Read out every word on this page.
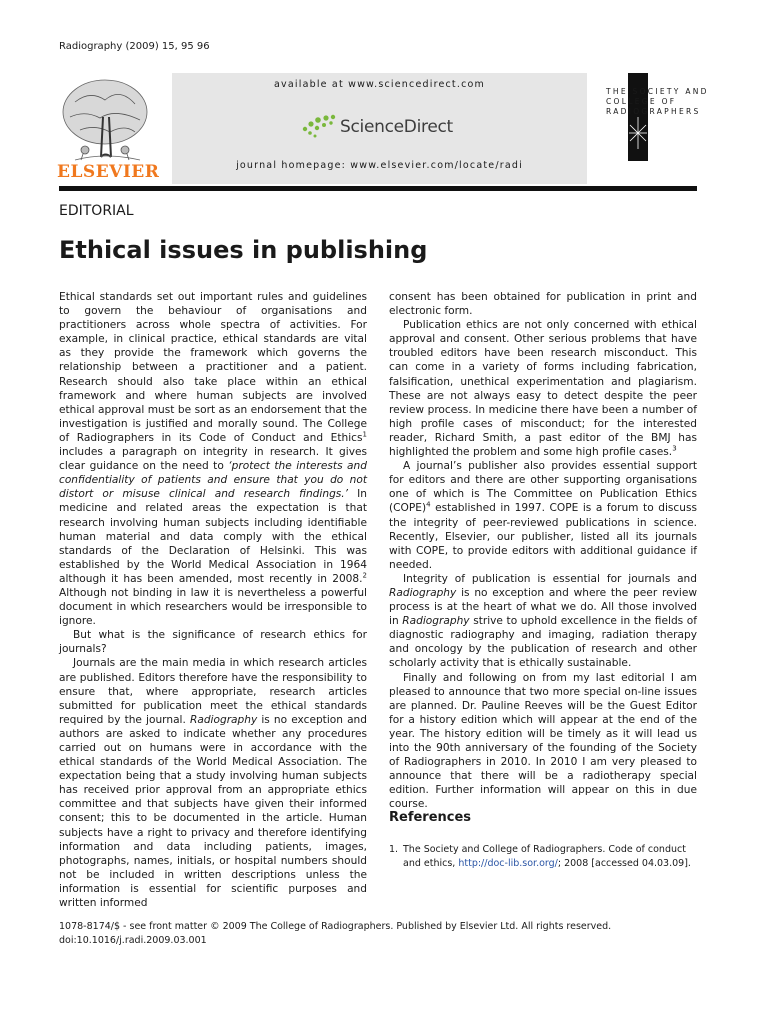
Radiography (2009) 15, 95 96
ELSEVIER
available at www.sciencedirect.com
ScienceDirect
journal homepage: www.elsevier.com/locate/radi
THE SOCIETY AND
COLLEGE OF
RADIOGRAPHERS
EDITORIAL
Ethical issues in publishing

Ethical standards set out important rules and guidelines to govern the behaviour of organisations and practitioners across whole spectra of activities. For example, in clinical practice, ethical standards are vital as they provide the framework which governs the relationship between a practitioner and a patient. Research should also take place within an ethical framework and where human subjects are involved ethical approval must be sort as an endorsement that the investigation is justified and morally sound. The College of Radiographers in its Code of Conduct and Ethics$^1$ includes a paragraph on integrity in research. It gives clear guidance on the need to ‘protect the interests and confidentiality of patients and ensure that you do not distort or misuse clinical and research findings.’ In medicine and related areas the expectation is that research involving human subjects including identifiable human material and data comply with the ethical standards of the Declaration of Helsinki. This was established by the World Medical Association in 1964 although it has been amended, most recently in 2008.$^2$ Although not binding in law it is nevertheless a powerful document in which researchers would be irresponsible to ignore.

But what is the significance of research ethics for journals?

Journals are the main media in which research articles are published. Editors therefore have the responsibility to ensure that, where appropriate, research articles submitted for publication meet the ethical standards required by the journal. Radiography is no exception and authors are asked to indicate whether any procedures carried out on humans were in accordance with the ethical standards of the World Medical Association. The expectation being that a study involving human subjects has received prior approval from an appropriate ethics committee and that subjects have given their informed consent; this to be documented in the article. Human subjects have a right to privacy and therefore identifying information and data including patients, images, photographs, names, initials, or hospital numbers should not be included in written descriptions unless the information is essential for scientific purposes and written informed

consent has been obtained for publication in print and electronic form.

Publication ethics are not only concerned with ethical approval and consent. Other serious problems that have troubled editors have been research misconduct. This can come in a variety of forms including fabrication, falsification, unethical experimentation and plagiarism. These are not always easy to detect despite the peer review process. In medicine there have been a number of high profile cases of misconduct; for the interested reader, Richard Smith, a past editor of the BMJ has highlighted the problem and some high profile cases.$^3$

A journal’s publisher also provides essential support for editors and there are other supporting organisations one of which is The Committee on Publication Ethics (COPE)$^4$ established in 1997. COPE is a forum to discuss the integrity of peer-reviewed publications in science. Recently, Elsevier, our publisher, listed all its journals with COPE, to provide editors with additional guidance if needed.

Integrity of publication is essential for journals and Radiography is no exception and where the peer review process is at the heart of what we do. All those involved in Radiography strive to uphold excellence in the fields of diagnostic radiography and imaging, radiation therapy and oncology by the publication of research and other scholarly activity that is ethically sustainable.

Finally and following on from my last editorial I am pleased to announce that two more special on-line issues are planned. Dr. Pauline Reeves will be the Guest Editor for a history edition which will appear at the end of the year. The history edition will be timely as it will lead us into the 90th anniversary of the founding of the Society of Radiographers in 2010. In 2010 I am very pleased to announce that there will be a radiotherapy special edition. Further information will appear on this in due course.

References
1. The Society and College of Radiographers. Code of conduct and ethics, http://doc-lib.sor.org/; 2008 [accessed 04.03.09].
1078-8174/$ - see front matter © 2009 The College of Radiographers. Published by Elsevier Ltd. All rights reserved.
doi:10.1016/j.radi.2009.03.001
